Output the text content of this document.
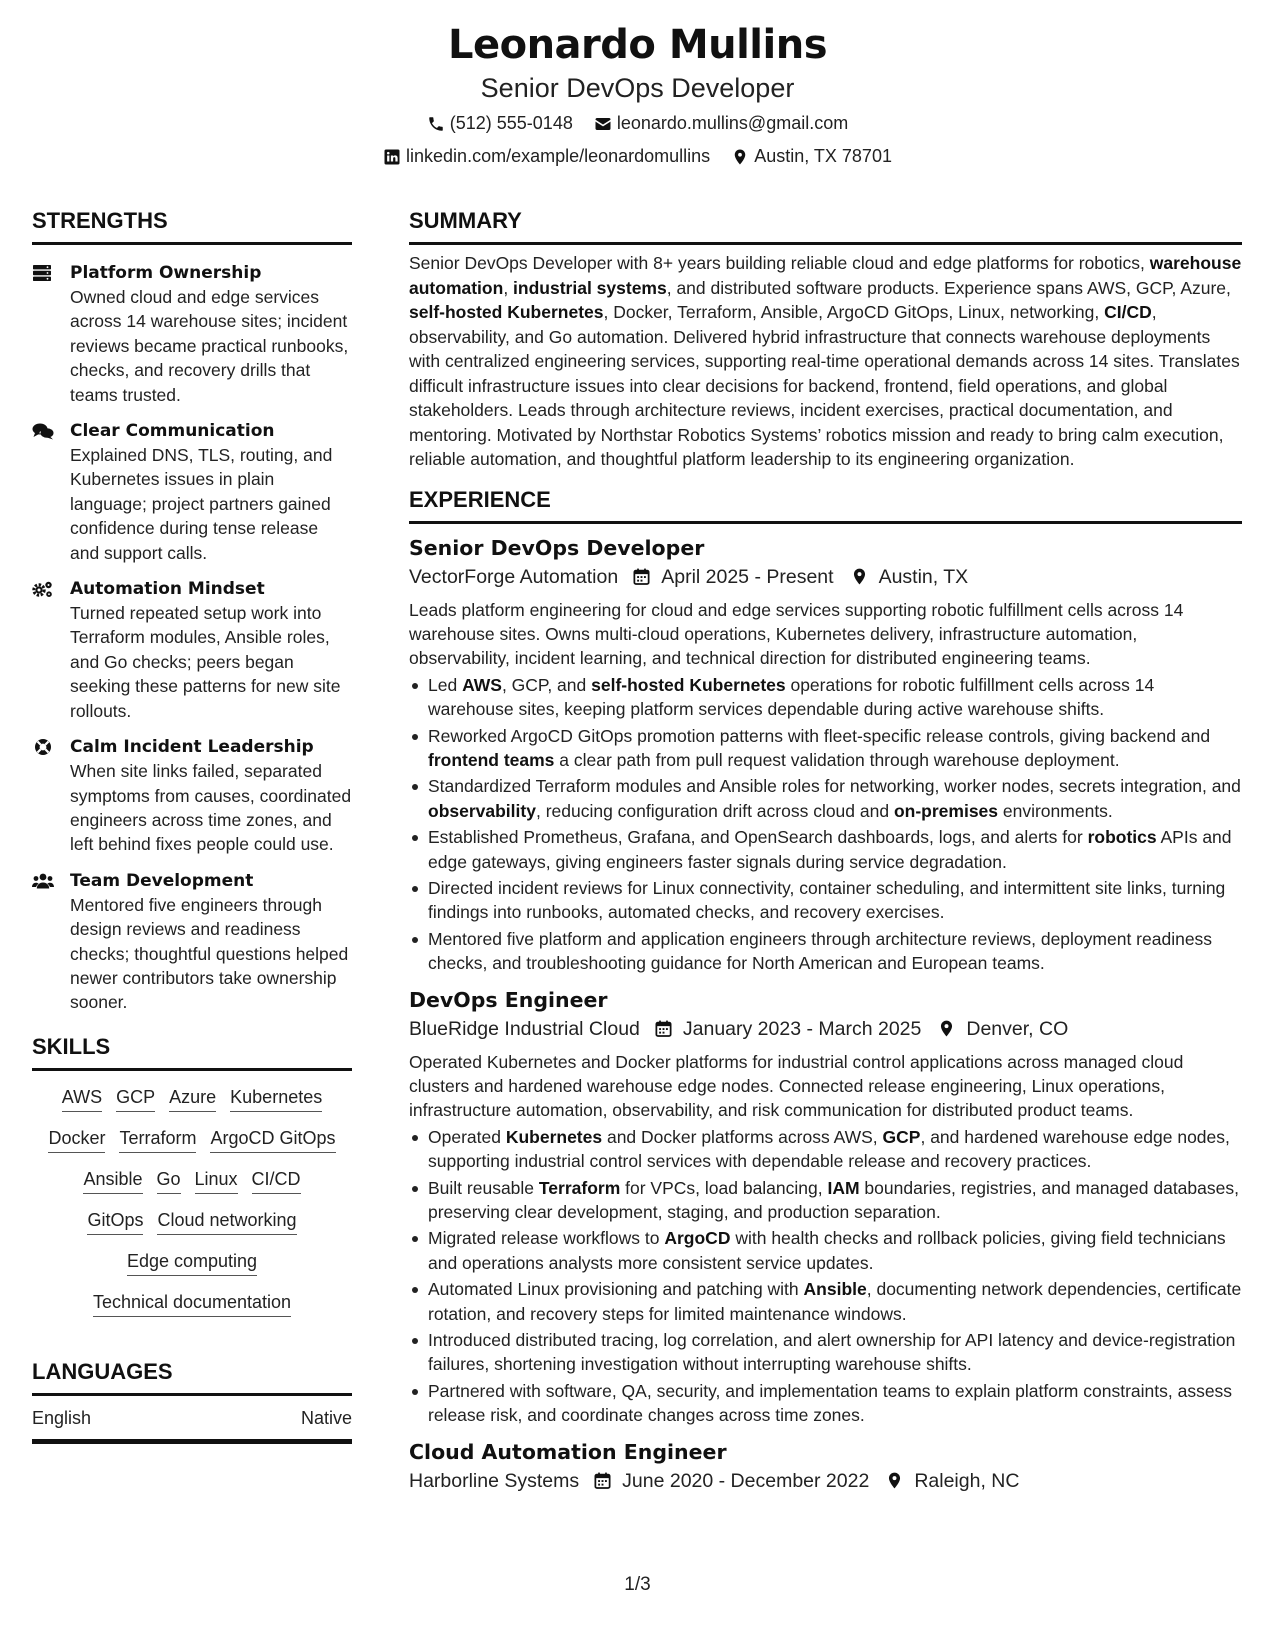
Leonardo Mullins
Senior DevOps Developer
(512) 555-0148
leonardo.mullins@gmail.com
linkedin.com/example/leonardomullins
Austin, TX 78701
STRENGTHS
Platform Ownership
Owned cloud and edge services across 14 warehouse sites; incident reviews became practical runbooks, checks, and recovery drills that teams trusted.
Clear Communication
Explained DNS, TLS, routing, and Kubernetes issues in plain language; project partners gained confidence during tense release and support calls.
Automation Mindset
Turned repeated setup work into Terraform modules, Ansible roles, and Go checks; peers began seeking these patterns for new site rollouts.
Calm Incident Leadership
When site links failed, separated symptoms from causes, coordinated engineers across time zones, and left behind fixes people could use.
Team Development
Mentored five engineers through design reviews and readiness checks; thoughtful questions helped newer contributors take ownership sooner.
SKILLS
AWS GCP Azure Kubernetes
Docker Terraform ArgoCD GitOps
Ansible Go Linux CI/CD
GitOps Cloud networking
Edge computing
Technical documentation
LANGUAGES
English	Native
SUMMARY
Senior DevOps Developer with 8+ years building reliable cloud and edge platforms for robotics, warehouse automation, industrial systems, and distributed software products. Experience spans AWS, GCP, Azure, self-hosted Kubernetes, Docker, Terraform, Ansible, ArgoCD GitOps, Linux, networking, CI/CD, observability, and Go automation. Delivered hybrid infrastructure that connects warehouse deployments with centralized engineering services, supporting real-time operational demands across 14 sites. Translates difficult infrastructure issues into clear decisions for backend, frontend, field operations, and global stakeholders. Leads through architecture reviews, incident exercises, practical documentation, and mentoring. Motivated by Northstar Robotics Systems’ robotics mission and ready to bring calm execution, reliable automation, and thoughtful platform leadership to its engineering organization.
EXPERIENCE
Senior DevOps Developer
VectorForge Automation April 2025 - Present Austin, TX
Leads platform engineering for cloud and edge services supporting robotic fulfillment cells across 14 warehouse sites. Owns multi-cloud operations, Kubernetes delivery, infrastructure automation, observability, incident learning, and technical direction for distributed engineering teams.
Led AWS, GCP, and self-hosted Kubernetes operations for robotic fulfillment cells across 14 warehouse sites, keeping platform services dependable during active warehouse shifts.
Reworked ArgoCD GitOps promotion patterns with fleet-specific release controls, giving backend and frontend teams a clear path from pull request validation through warehouse deployment.
Standardized Terraform modules and Ansible roles for networking, worker nodes, secrets integration, and observability, reducing configuration drift across cloud and on-premises environments.
Established Prometheus, Grafana, and OpenSearch dashboards, logs, and alerts for robotics APIs and edge gateways, giving engineers faster signals during service degradation.
Directed incident reviews for Linux connectivity, container scheduling, and intermittent site links, turning findings into runbooks, automated checks, and recovery exercises.
Mentored five platform and application engineers through architecture reviews, deployment readiness checks, and troubleshooting guidance for North American and European teams.
DevOps Engineer
BlueRidge Industrial Cloud January 2023 - March 2025 Denver, CO
Operated Kubernetes and Docker platforms for industrial control applications across managed cloud clusters and hardened warehouse edge nodes. Connected release engineering, Linux operations, infrastructure automation, observability, and risk communication for distributed product teams.
Operated Kubernetes and Docker platforms across AWS, GCP, and hardened warehouse edge nodes, supporting industrial control services with dependable release and recovery practices.
Built reusable Terraform for VPCs, load balancing, IAM boundaries, registries, and managed databases, preserving clear development, staging, and production separation.
Migrated release workflows to ArgoCD with health checks and rollback policies, giving field technicians and operations analysts more consistent service updates.
Automated Linux provisioning and patching with Ansible, documenting network dependencies, certificate rotation, and recovery steps for limited maintenance windows.
Introduced distributed tracing, log correlation, and alert ownership for API latency and device-registration failures, shortening investigation without interrupting warehouse shifts.
Partnered with software, QA, security, and implementation teams to explain platform constraints, assess release risk, and coordinate changes across time zones.
Cloud Automation Engineer
Harborline Systems June 2020 - December 2022 Raleigh, NC
1/3
